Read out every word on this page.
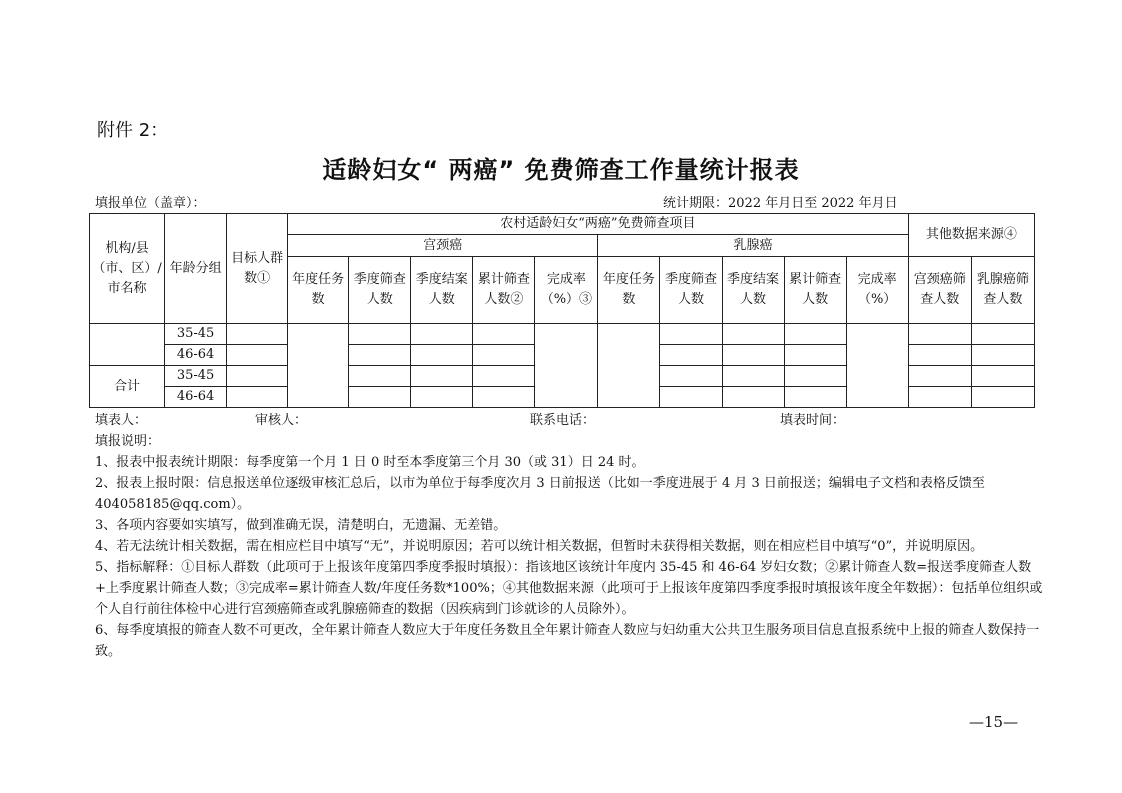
附件 2：
适龄妇女“ 两癌” 免费筛查工作量统计报表
填报单位（盖章）：	统计期限：2022 年月日至 2022 年月日
机构/县（市、区）/市名称	年龄分组	目标人群数①	农村适龄妇女“两癌”免费筛查项目										其他数据来源④	
			宫颈癌					乳腺癌						
			年度任务数	季度筛查人数	季度结案人数	累计筛查人数②	完成率（%）③	年度任务数	季度筛查人数	季度结案人数	累计筛查人数	完成率（%）	宫颈癌筛查人数	乳腺癌筛查人数
	35-45													
	46-64													
合计	35-45													
	46-64													
填表人：	审核人：	联系电话：	填表时间：

填报说明：

1、报表中报表统计期限：每季度第一个月 1 日 0 时至本季度第三个月 30（或 31）日 24 时。

2、报表上报时限：信息报送单位逐级审核汇总后，以市为单位于每季度次月 3 日前报送（比如一季度进展于 4 月 3 日前报送；编辑电子文档和表格反馈至 404058185@qq.com）。

3、各项内容要如实填写，做到准确无误，清楚明白，无遗漏、无差错。

4、若无法统计相关数据，需在相应栏目中填写“无”，并说明原因；若可以统计相关数据，但暂时未获得相关数据，则在相应栏目中填写“0”，并说明原因。

5、指标解释：①目标人群数（此项可于上报该年度第四季度季报时填报）：指该地区该统计年度内 35-45 和 46-64 岁妇女数；②累计筛查人数=报送季度筛查人数+上季度累计筛查人数；③完成率=累计筛查人数/年度任务数*100%；④其他数据来源（此项可于上报该年度第四季度季报时填报该年度全年数据）：包括单位组织或个人自行前往体检中心进行宫颈癌筛查或乳腺癌筛查的数据（因疾病到门诊就诊的人员除外）。

6、每季度填报的筛查人数不可更改，全年累计筛查人数应大于年度任务数且全年累计筛查人数应与妇幼重大公共卫生服务项目信息直报系统中上报的筛查人数保持一致。

—15—
